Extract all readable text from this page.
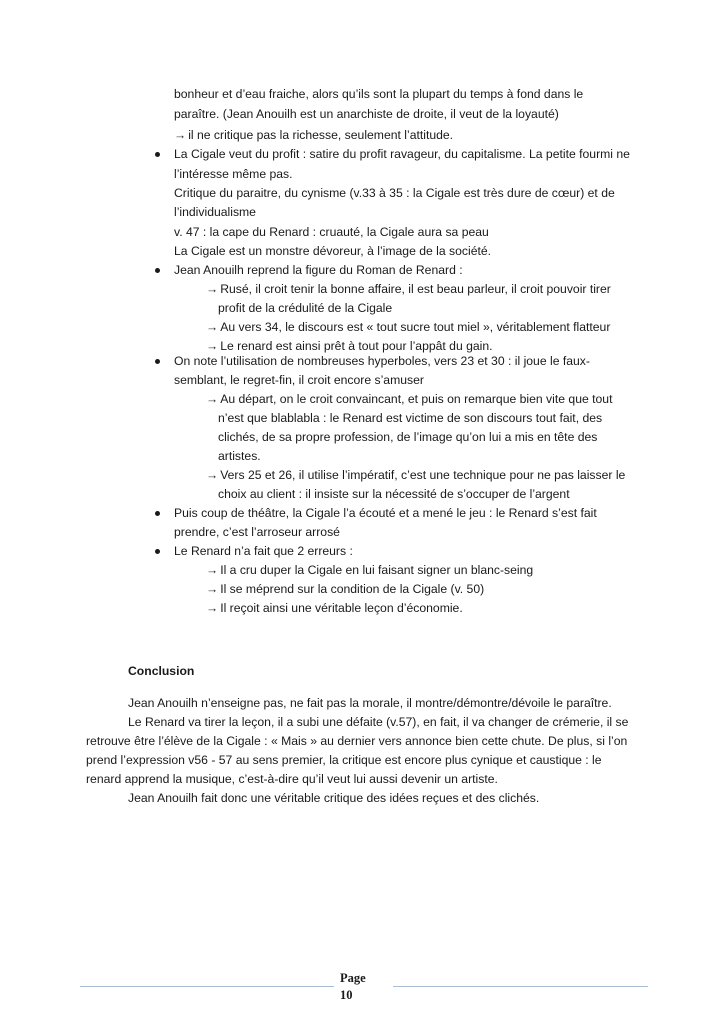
bonheur et d’eau fraiche, alors qu’ils sont la plupart du temps à fond dans le
paraître. (Jean Anouilh est un anarchiste de droite, il veut de la loyauté)
→ il ne critique pas la richesse, seulement l’attitude.
La Cigale veut du profit : satire du profit ravageur, du capitalisme. La petite fourmi ne
l’intéresse même pas.
Critique du paraitre, du cynisme (v.33 à 35 : la Cigale est très dure de cœur) et de
l’individualisme
v. 47 : la cape du Renard : cruauté, la Cigale aura sa peau
La Cigale est un monstre dévoreur, à l’image de la société.
Jean Anouilh reprend la figure du Roman de Renard :
→ Rusé, il croit tenir la bonne affaire, il est beau parleur, il croit pouvoir tirer
profit de la crédulité de la Cigale
→ Au vers 34, le discours est « tout sucre tout miel », véritablement flatteur
→ Le renard est ainsi prêt à tout pour l’appât du gain.
On note l’utilisation de nombreuses hyperboles, vers 23 et 30 : il joue le faux-
semblant, le regret-fin, il croit encore s’amuser
→ Au départ, on le croit convaincant, et puis on remarque bien vite que tout
n’est que blablabla : le Renard est victime de son discours tout fait, des
clichés, de sa propre profession, de l’image qu’on lui a mis en tête des
artistes.
→ Vers 25 et 26, il utilise l’impératif, c’est une technique pour ne pas laisser le
choix au client : il insiste sur la nécessité de s’occuper de l’argent
Puis coup de théâtre, la Cigale l’a écouté et a mené le jeu : le Renard s’est fait
prendre, c’est l’arroseur arrosé
Le Renard n’a fait que 2 erreurs :
→ Il a cru duper la Cigale en lui faisant signer un blanc-seing
→ Il se méprend sur la condition de la Cigale (v. 50)
→ Il reçoit ainsi une véritable leçon d’économie.
Conclusion
Jean Anouilh n’enseigne pas, ne fait pas la morale, il montre/démontre/dévoile le paraître.
Le Renard va tirer la leçon, il a subi une défaite (v.57), en fait, il va changer de crémerie, il se
retrouve être l’élève de la Cigale : « Mais » au dernier vers annonce bien cette chute. De plus, si l’on
prend l’expression v56 - 57 au sens premier, la critique est encore plus cynique et caustique : le
renard apprend la musique, c’est-à-dire qu’il veut lui aussi devenir un artiste.
Jean Anouilh fait donc une véritable critique des idées reçues et des clichés.
Page
10
